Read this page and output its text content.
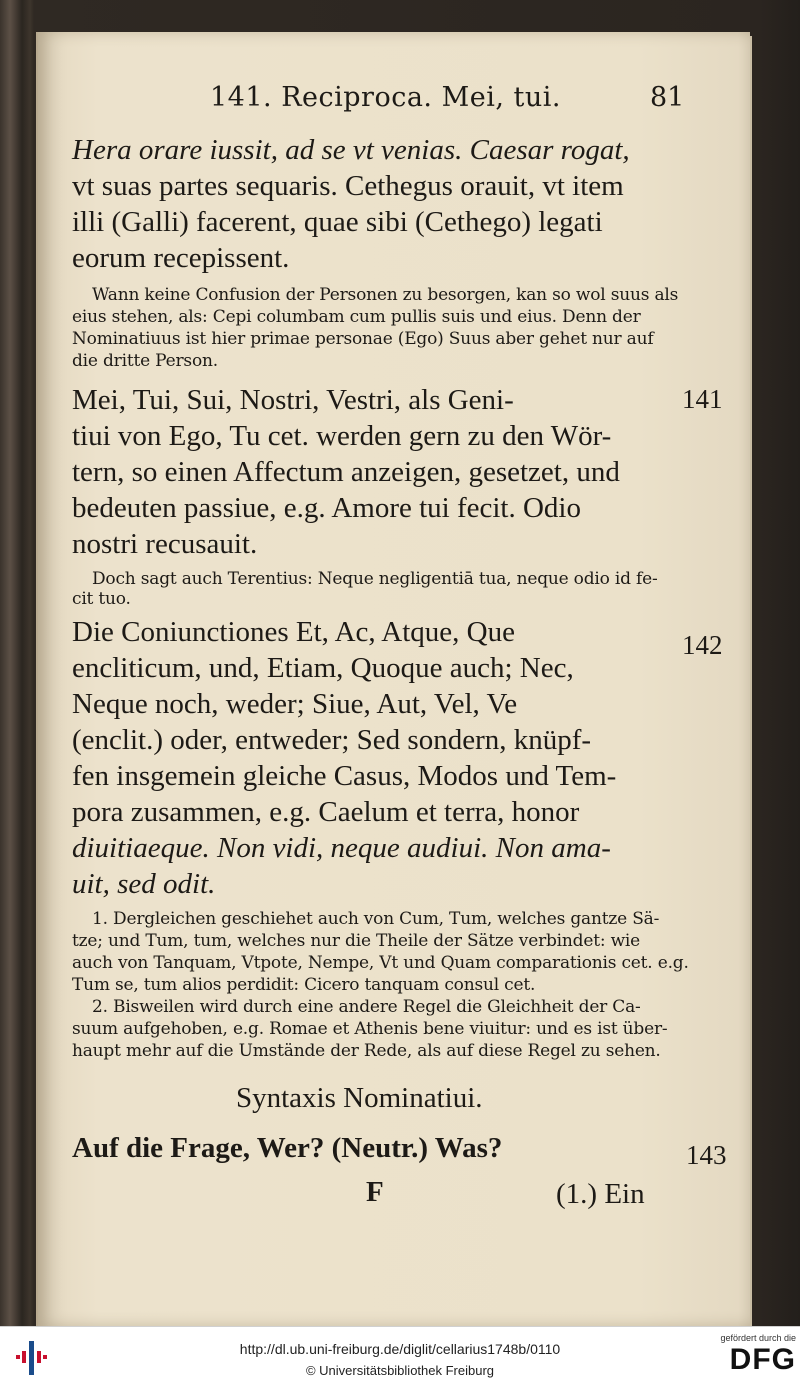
141. Reciproca. Mei, tui.	81
Hera orare iussit, ad se vt venias. Caesar rogat,
vt suas partes sequaris. Cethegus orauit, vt item
illi (Galli) facerent, quae sibi (Cethego) legati
eorum recepissent.
Wann keine Confusion der Personen zu besorgen, kan so wol suus als
eius stehen, als: Cepi columbam cum pullis suis und eius. Denn der
Nominatiuus ist hier primae personae (Ego) Suus aber gehet nur auf
die dritte Person.
Mei, Tui, Sui, Nostri, Vestri, als Geni-	141
tiui von Ego, Tu cet. werden gern zu den Wör-
tern, so einen Affectum anzeigen, gesetzet, und
bedeuten passiue, e.g. Amore tui fecit. Odio
nostri recusauit.
Doch sagt auch Terentius: Neque negligentiā tua, neque odio id fe-
cit tuo.
Die Coniunctiones Et, Ac, Atque, Que	142
encliticum, und, Etiam, Quoque auch; Nec,
Neque noch, weder; Siue, Aut, Vel, Ve
(enclit.) oder, entweder; Sed sondern, knüpf-
fen insgemein gleiche Casus, Modos und Tem-
pora zusammen, e.g. Caelum et terra, honor
diuitiaeque. Non vidi, neque audiui. Non ama-
uit, sed odit.
1. Dergleichen geschiehet auch von Cum, Tum, welches gantze Sä-
tze; und Tum, tum, welches nur die Theile der Sätze verbindet: wie
auch von Tanquam, Vtpote, Nempe, Vt und Quam comparationis cet. e.g.
Tum se, tum alios perdidit: Cicero tanquam consul cet.
2. Bisweilen wird durch eine andere Regel die Gleichheit der Ca-
suum aufgehoben, e.g. Romae et Athenis bene viuitur: und es ist über-
haupt mehr auf die Umstände der Rede, als auf diese Regel zu sehen.
Syntaxis Nominatiui.
Auf die Frage, Wer? (Neutr.) Was?	143
F	(1.) Ein
http://dl.ub.uni-freiburg.de/diglit/cellarius1748b/0110
© Universitätsbibliothek Freiburg
gefördert durch die
DFG
